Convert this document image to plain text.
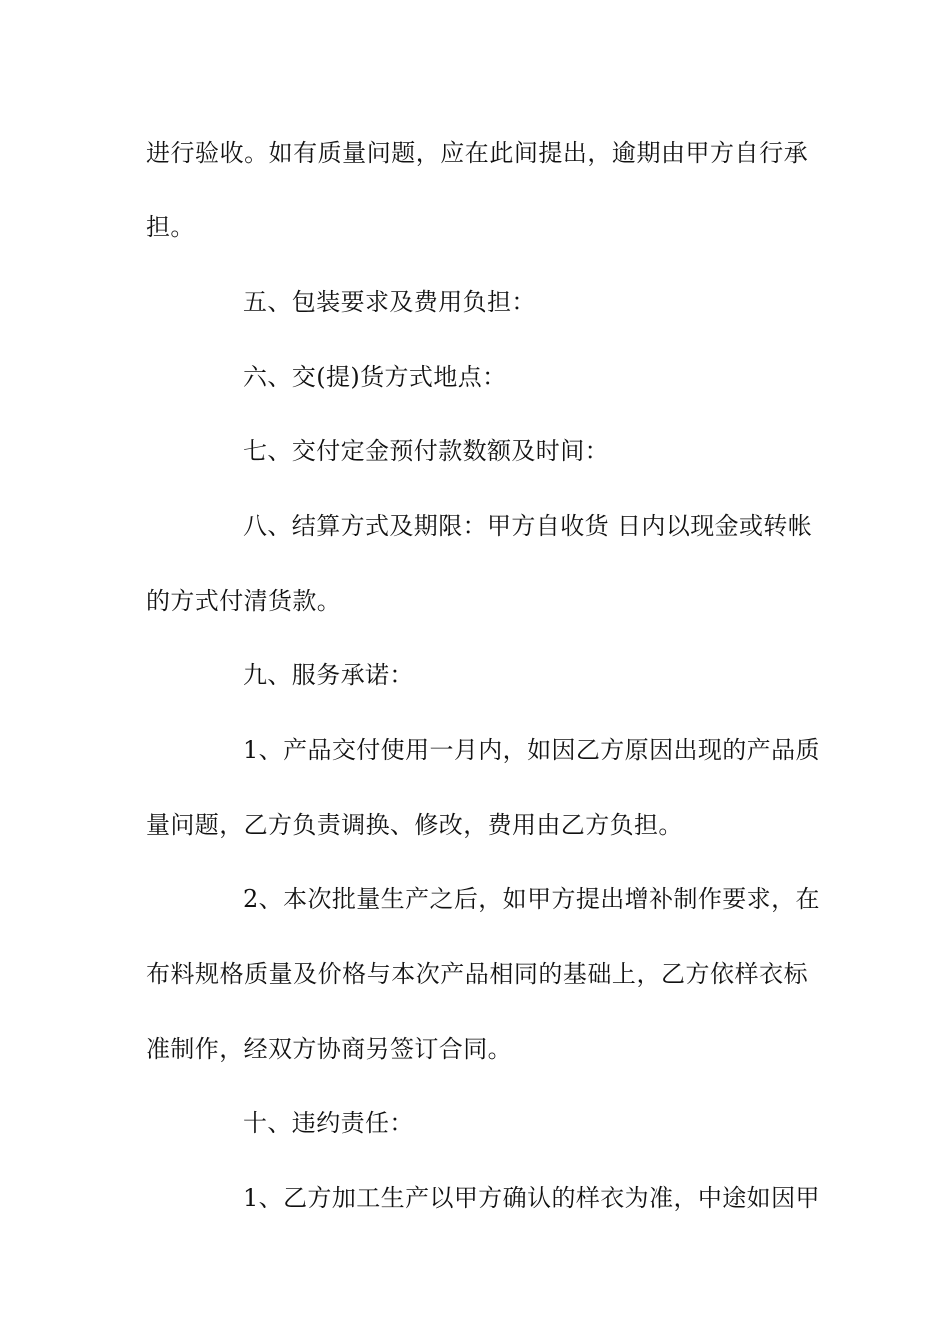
进行验收。如有质量问题，应在此间提出，逾期由甲方自行承
担。
五、包装要求及费用负担：
六、交(提)货方式地点：
七、交付定金预付款数额及时间：
八、结算方式及期限：甲方自收货 日内以现金或转帐
的方式付清货款。
九、服务承诺：
1、产品交付使用一月内，如因乙方原因出现的产品质
量问题，乙方负责调换、修改，费用由乙方负担。
2、本次批量生产之后，如甲方提出增补制作要求，在
布料规格质量及价格与本次产品相同的基础上，乙方依样衣标
准制作，经双方协商另签订合同。
十、违约责任：
1、乙方加工生产以甲方确认的样衣为准，中途如因甲
